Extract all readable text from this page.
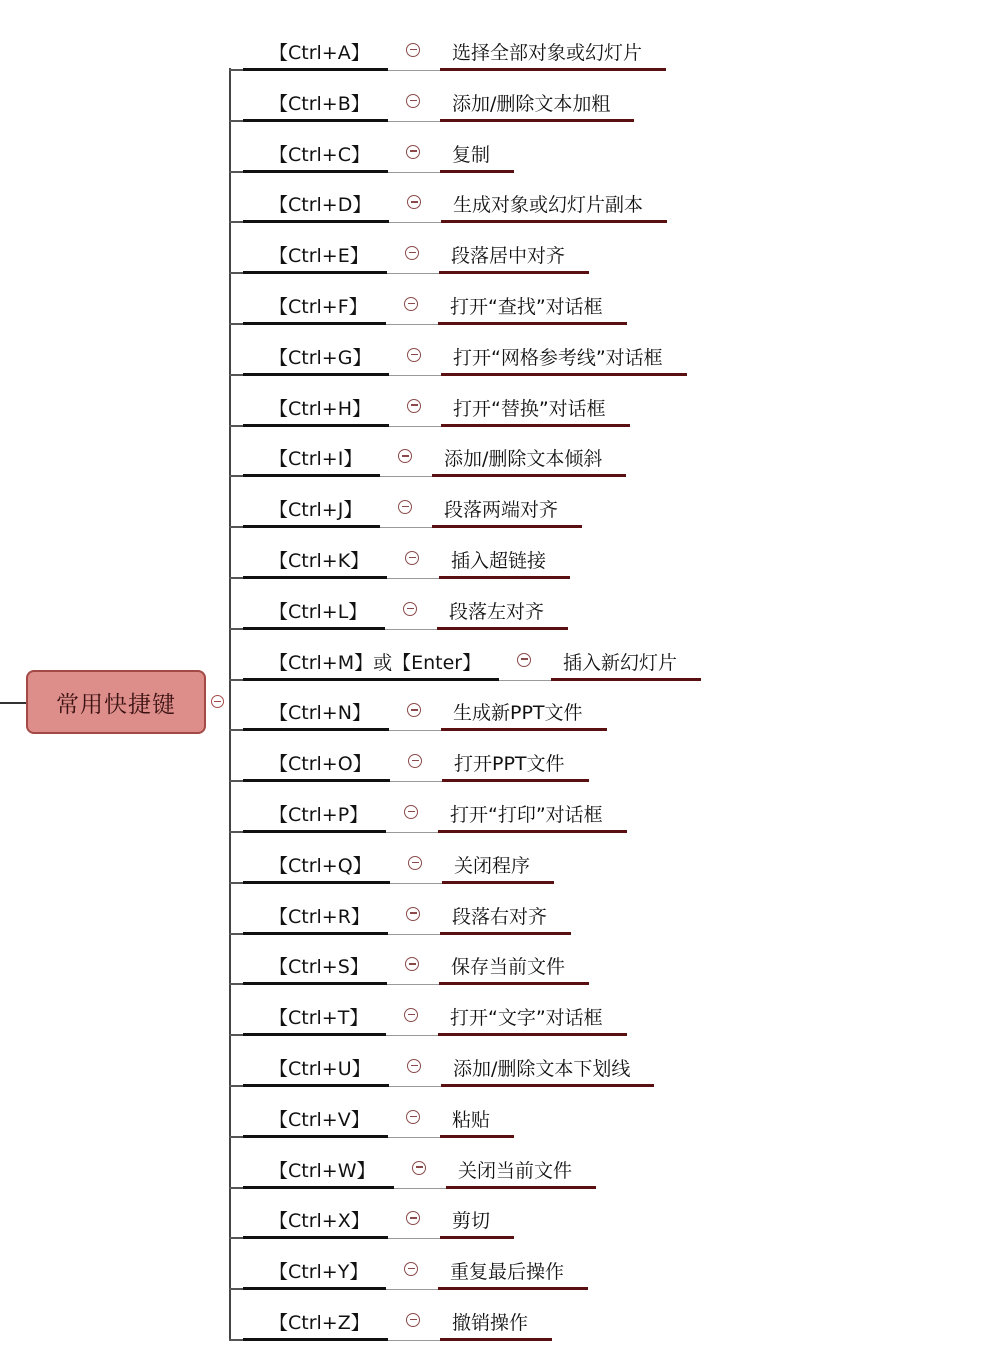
常用快捷键
【Ctrl+A】	选择全部对象或幻灯片
【Ctrl+B】	添加/删除文本加粗
【Ctrl+C】	复制
【Ctrl+D】	生成对象或幻灯片副本
【Ctrl+E】	段落居中对齐
【Ctrl+F】	打开“查找”对话框
【Ctrl+G】	打开“网格参考线”对话框
【Ctrl+H】	打开“替换”对话框
【Ctrl+I】	添加/删除文本倾斜
【Ctrl+J】	段落两端对齐
【Ctrl+K】	插入超链接
【Ctrl+L】	段落左对齐
【Ctrl+M】或【Enter】	插入新幻灯片
【Ctrl+N】	生成新PPT文件
【Ctrl+O】	打开PPT文件
【Ctrl+P】	打开“打印”对话框
【Ctrl+Q】	关闭程序
【Ctrl+R】	段落右对齐
【Ctrl+S】	保存当前文件
【Ctrl+T】	打开“文字”对话框
【Ctrl+U】	添加/删除文本下划线
【Ctrl+V】	粘贴
【Ctrl+W】	关闭当前文件
【Ctrl+X】	剪切
【Ctrl+Y】	重复最后操作
【Ctrl+Z】	撤销操作
